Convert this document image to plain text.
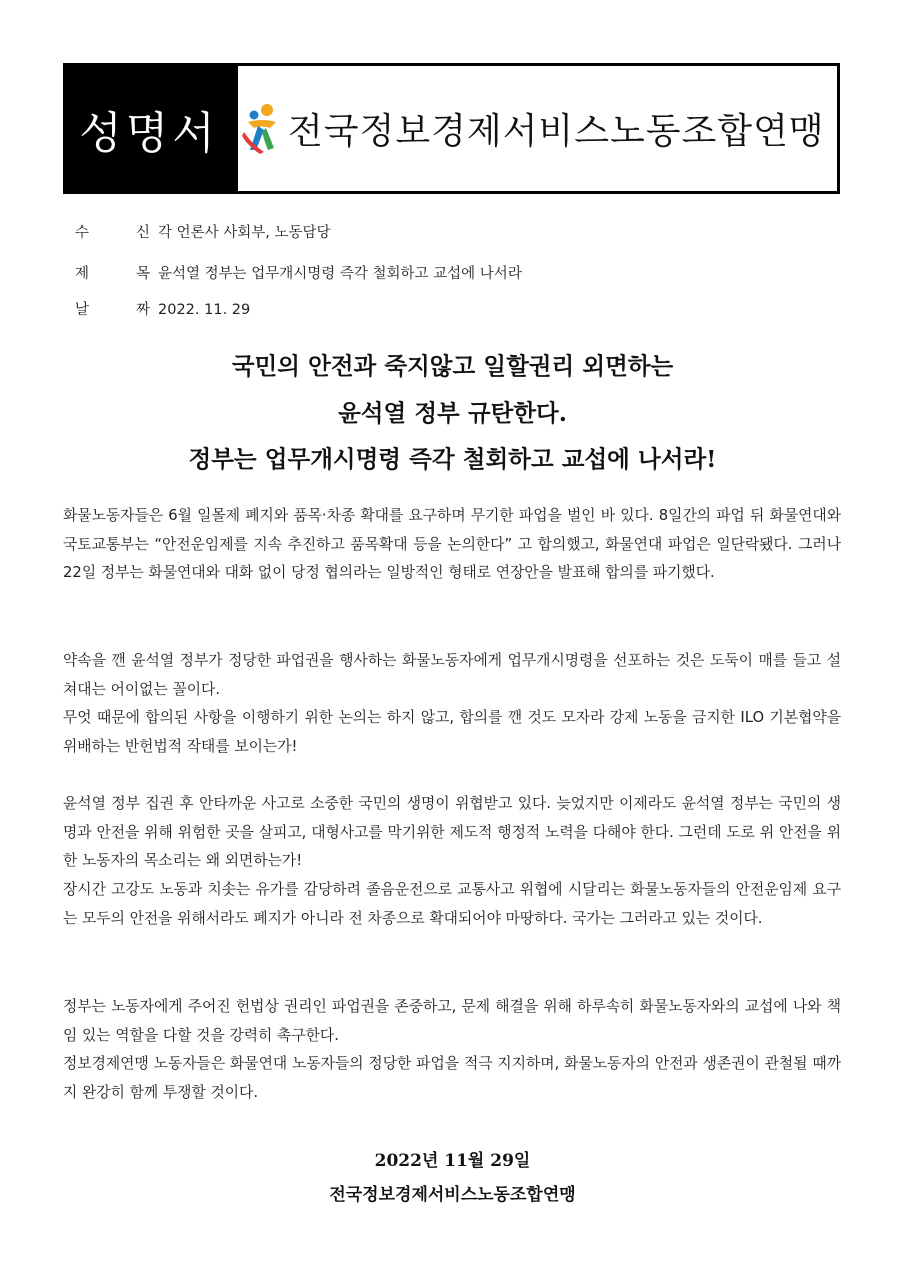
성명서	전국정보경제서비스노동조합연맹
수	신 각 언론사 사회부, 노동담당
제	목 윤석열 정부는 업무개시명령 즉각 철회하고 교섭에 나서라
날	짜 2022. 11. 29
국민의 안전과 죽지않고 일할권리 외면하는
윤석열 정부 규탄한다.
정부는 업무개시명령 즉각 철회하고 교섭에 나서라!

화물노동자들은 6월 일몰제 폐지와 품목·차종 확대를 요구하며 무기한 파업을 벌인 바 있다. 8일간의 파업 뒤 화물연대와 국토교통부는 “안전운임제를 지속 추진하고 품목확대 등을 논의한다” 고 합의했고, 화물연대 파업은 일단락됐다. 그러나 22일 정부는 화물연대와 대화 없이 당정 협의라는 일방적인 형태로 연장안을 발표해 합의를 파기했다.

약속을 깬 윤석열 정부가 정당한 파업권을 행사하는 화물노동자에게 업무개시명령을 선포하는 것은 도둑이 매를 들고 설쳐대는 어이없는 꼴이다.

무엇 때문에 합의된 사항을 이행하기 위한 논의는 하지 않고, 합의를 깬 것도 모자라 강제 노동을 금지한 ILO 기본협약을 위배하는 반헌법적 작태를 보이는가!

윤석열 정부 집권 후 안타까운 사고로 소중한 국민의 생명이 위협받고 있다. 늦었지만 이제라도 윤석열 정부는 국민의 생명과 안전을 위해 위험한 곳을 살피고, 대형사고를 막기위한 제도적 행정적 노력을 다해야 한다. 그런데 도로 위 안전을 위한 노동자의 목소리는 왜 외면하는가!

장시간 고강도 노동과 치솟는 유가를 감당하려 졸음운전으로 교통사고 위협에 시달리는 화물노동자들의 안전운임제 요구는 모두의 안전을 위해서라도 폐지가 아니라 전 차종으로 확대되어야 마땅하다. 국가는 그러라고 있는 것이다.

정부는 노동자에게 주어진 헌법상 권리인 파업권을 존중하고, 문제 해결을 위해 하루속히 화물노동자와의 교섭에 나와 책임 있는 역할을 다할 것을 강력히 촉구한다.

정보경제연맹 노동자들은 화물연대 노동자들의 정당한 파업을 적극 지지하며, 화물노동자의 안전과 생존권이 관철될 때까지 완강히 함께 투쟁할 것이다.

2022년 11월 29일
전국정보경제서비스노동조합연맹
